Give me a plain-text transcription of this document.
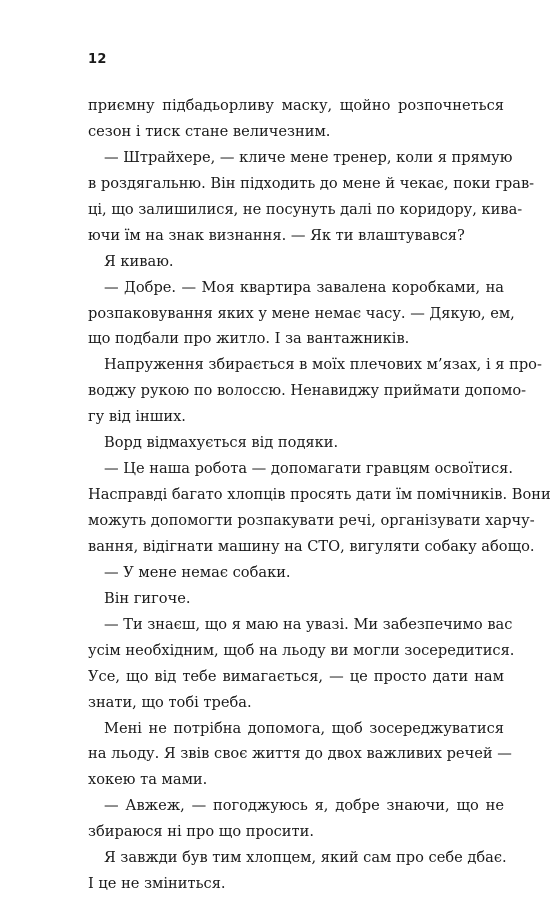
12
приємну підбадьорливу маску, щойно розпочнеться
сезон і тиск стане величезним.
— Штрайхере, — кличе мене тренер, коли я прямую
в роздягальню. Він підходить до мене й чекає, поки грав-
ці, що залишилися, не посунуть далі по коридору, кива-
ючи їм на знак визнання. — Як ти влаштувався?
Я киваю.
— Добре. — Моя квартира завалена коробками, на
розпаковування яких у мене немає часу. — Дякую, ем,
що подбали про житло. І за вантажників.
Напруження збирається в моїх плечових м’язах, і я про-
воджу рукою по волоссю. Ненавиджу приймати допомо-
гу від інших.
Ворд відмахується від подяки.
— Це наша робота — допомагати гравцям освоїтися.
Насправді багато хлопців просять дати їм помічників. Вони
можуть допомогти розпакувати речі, організувати харчу-
вання, відігнати машину на СТО, вигуляти собаку абощо.
— У мене немає собаки.
Він гигоче.
— Ти знаєш, що я маю на увазі. Ми забезпечимо вас
усім необхідним, щоб на льоду ви могли зосередитися.
Усе, що від тебе вимагається, — це просто дати нам
знати, що тобі треба.
Мені не потрібна допомога, щоб зосереджуватися
на льоду. Я звів своє життя до двох важливих речей —
хокею та мами.
— Авжеж, — погоджуюсь я, добре знаючи, що не
збираюся ні про що просити.
Я завжди був тим хлопцем, який сам про себе дбає.
І це не зміниться.
